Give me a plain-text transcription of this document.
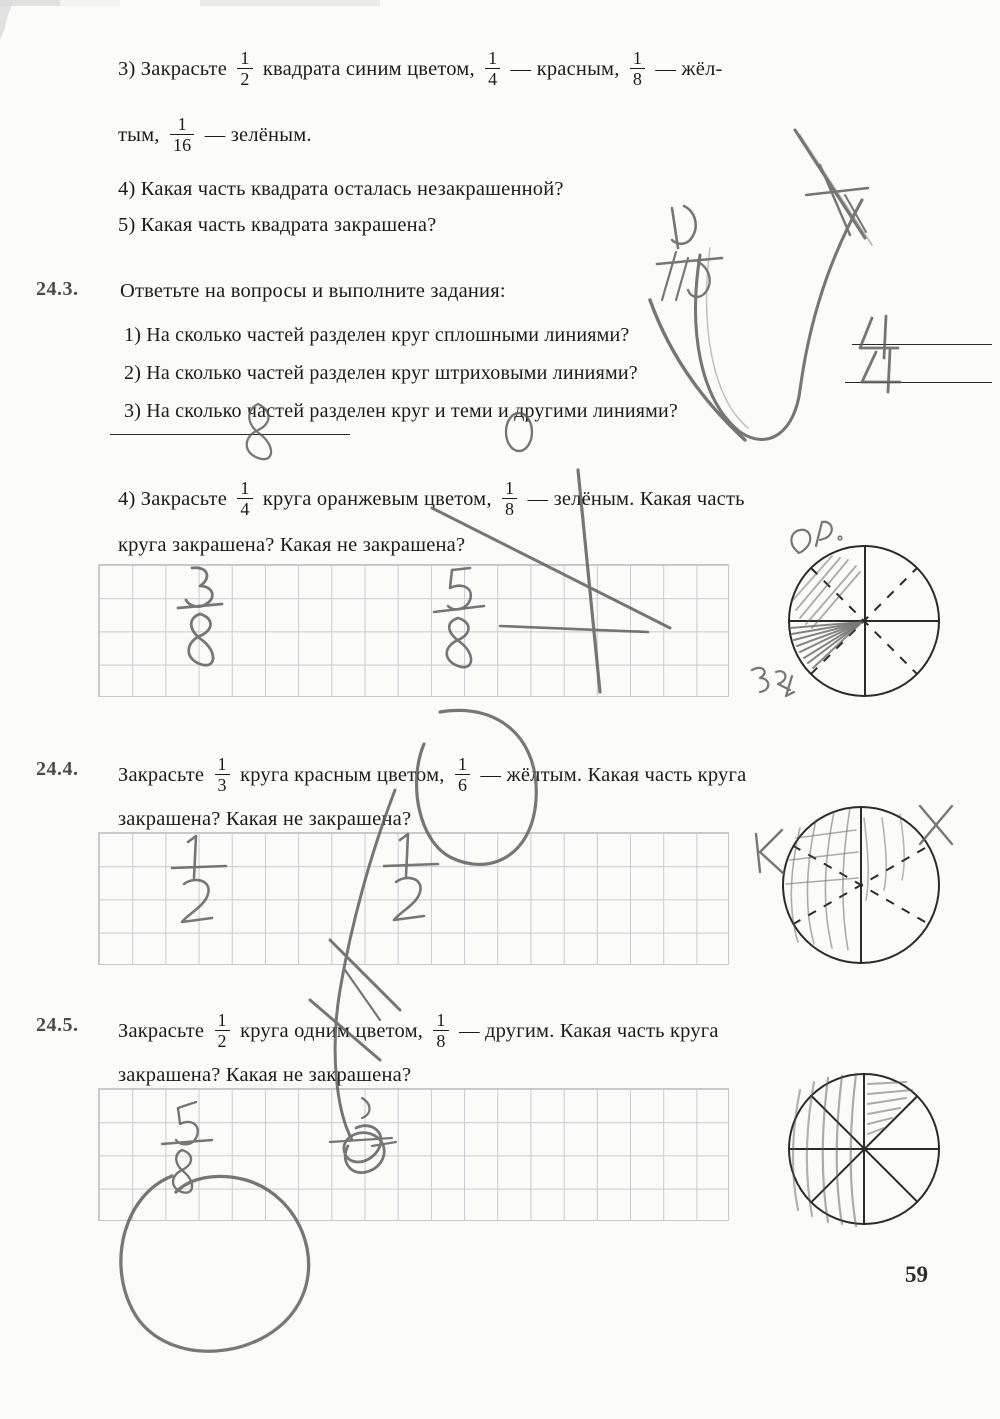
3) Закрасьте $\frac{1}{2}$ квадрата синим цветом, $\frac{1}{4}$ — красным, $\frac{1}{8}$ — жёл-
тым, $\frac{1}{16}$ — зелёным.
4) Какая часть квадрата осталась незакрашенной?
5) Какая часть квадрата закрашена?
24.3. Ответьте на вопросы и выполните задания:
1) На сколько частей разделен круг сплошными линиями?
2) На сколько частей разделен круг штриховыми линиями?
3) На сколько частей разделен круг и теми и другими линиями?
4) Закрасьте $\frac{1}{4}$ круга оранжевым цветом, $\frac{1}{8}$ — зелёным. Какая часть
круга закрашена? Какая не закрашена?
24.4. Закрасьте $\frac{1}{3}$ круга красным цветом, $\frac{1}{6}$ — жёлтым. Какая часть круга
закрашена? Какая не закрашена?
24.5. Закрасьте $\frac{1}{2}$ круга одним цветом, $\frac{1}{8}$ — другим. Какая часть круга
закрашена? Какая не закрашена?
59
